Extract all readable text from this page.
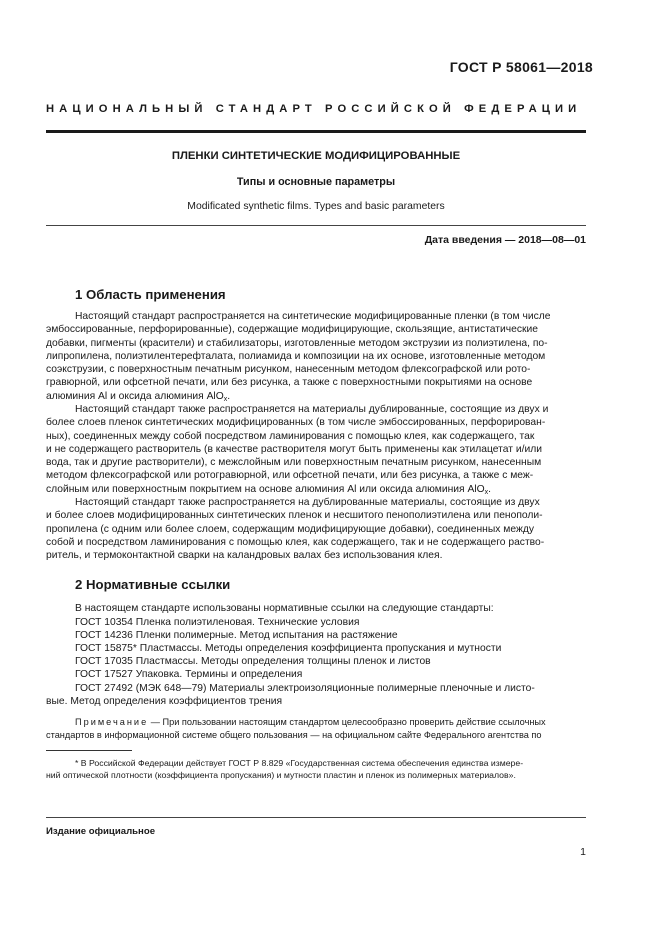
ГОСТ Р 58061—2018
НАЦИОНАЛЬНЫЙ СТАНДАРТ РОССИЙСКОЙ ФЕДЕРАЦИИ
ПЛЕНКИ СИНТЕТИЧЕСКИЕ МОДИФИЦИРОВАННЫЕ
Типы и основные параметры
Modificated synthetic films. Types and basic parameters
Дата введения — 2018—08—01
1 Область применения
Настоящий стандарт распространяется на синтетические модифицированные пленки (в том числе
эмбоссированные, перфорированные), содержащие модифицирующие, скользящие, антистатические
добавки, пигменты (красители) и стабилизаторы, изготовленные методом экструзии из полиэтилена, по-
липропилена, полиэтилентерефталата, полиамида и композиции на их основе, изготовленные методом
соэкструзии, с поверхностным печатным рисунком, нанесенным методом флексографской или рото-
гравюрной, или офсетной печати, или без рисунка, а также с поверхностными покрытиями на основе
алюминия Al и оксида алюминия AlO$_x$.
Настоящий стандарт также распространяется на материалы дублированные, состоящие из двух и
более слоев пленок синтетических модифицированных (в том числе эмбоссированных, перфорирован-
ных), соединенных между собой посредством ламинирования с помощью клея, как содержащего, так
и не содержащего растворитель (в качестве растворителя могут быть применены как этилацетат и/или
вода, так и другие растворители), с межслойным или поверхностным печатным рисунком, нанесенным
методом флексографской или ротогравюрной, или офсетной печати, или без рисунка, а также с меж-
слойным или поверхностным покрытием на основе алюминия Al или оксида алюминия AlO$_x$.
Настоящий стандарт также распространяется на дублированные материалы, состоящие из двух
и более слоев модифицированных синтетических пленок и несшитого пенополиэтилена или пенополи-
пропилена (с одним или более слоем, содержащим модифицирующие добавки), соединенных между
собой и посредством ламинирования с помощью клея, как содержащего, так и не содержащего раство-
ритель, и термоконтактной сварки на каландровых валах без использования клея.
2 Нормативные ссылки
В настоящем стандарте использованы нормативные ссылки на следующие стандарты:
ГОСТ 10354 Пленка полиэтиленовая. Технические условия
ГОСТ 14236 Пленки полимерные. Метод испытания на растяжение
ГОСТ 15875* Пластмассы. Методы определения коэффициента пропускания и мутности
ГОСТ 17035 Пластмассы. Методы определения толщины пленок и листов
ГОСТ 17527 Упаковка. Термины и определения
ГОСТ 27492 (МЭК 648—79) Материалы электроизоляционные полимерные пленочные и листо-
вые. Метод определения коэффициентов трения
Примечание — При пользовании настоящим стандартом целесообразно проверить действие ссылочных
стандартов в информационной системе общего пользования — на официальном сайте Федерального агентства по
* В Российской Федерации действует ГОСТ Р 8.829 «Государственная система обеспечения единства измере-
ний оптической плотности (коэффициента пропускания) и мутности пластин и пленок из полимерных материалов».
Издание официальное
1
